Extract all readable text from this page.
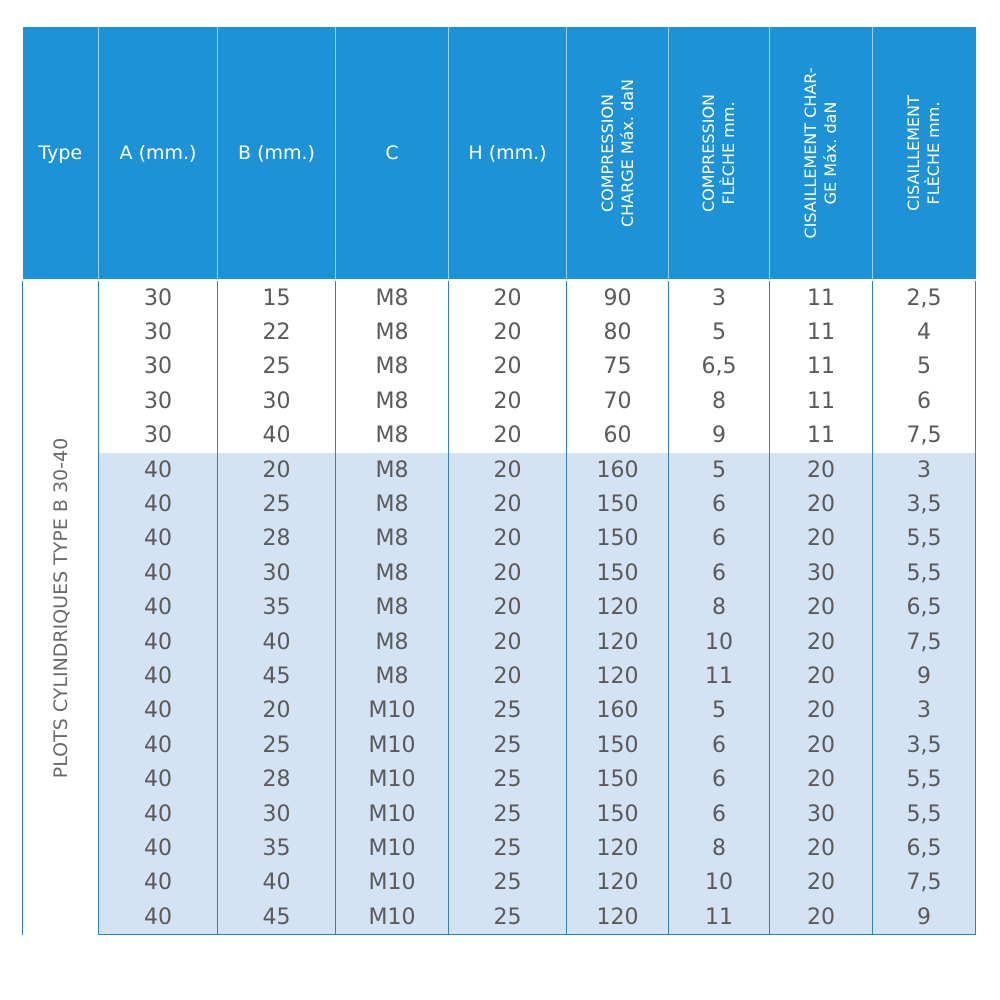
Type	A (mm.)	B (mm.)	C	H (mm.)	COMPRESSION CHARGE Máx. daN	COMPRESSION FLÈCHE mm.	CISAILLEMENT CHAR- GE Máx. daN	CISAILLEMENT FLÈCHE mm.

PLOTS CYLINDRIQUES TYPE B 30-40	30	15	M8	20	90	3	11	2,5
	30	22	M8	20	80	5	11	4
	30	25	M8	20	75	6,5	11	5
	30	30	M8	20	70	8	11	6
	30	40	M8	20	60	9	11	7,5
	40	20	M8	20	160	5	20	3
	40	25	M8	20	150	6	20	3,5
	40	28	M8	20	150	6	20	5,5
	40	30	M8	20	150	6	30	5,5
	40	35	M8	20	120	8	20	6,5
	40	40	M8	20	120	10	20	7,5
	40	45	M8	20	120	11	20	9
	40	20	M10	25	160	5	20	3
	40	25	M10	25	150	6	20	3,5
	40	28	M10	25	150	6	20	5,5
	40	30	M10	25	150	6	30	5,5
	40	35	M10	25	120	8	20	6,5
	40	40	M10	25	120	10	20	7,5
	40	45	M10	25	120	11	20	9
